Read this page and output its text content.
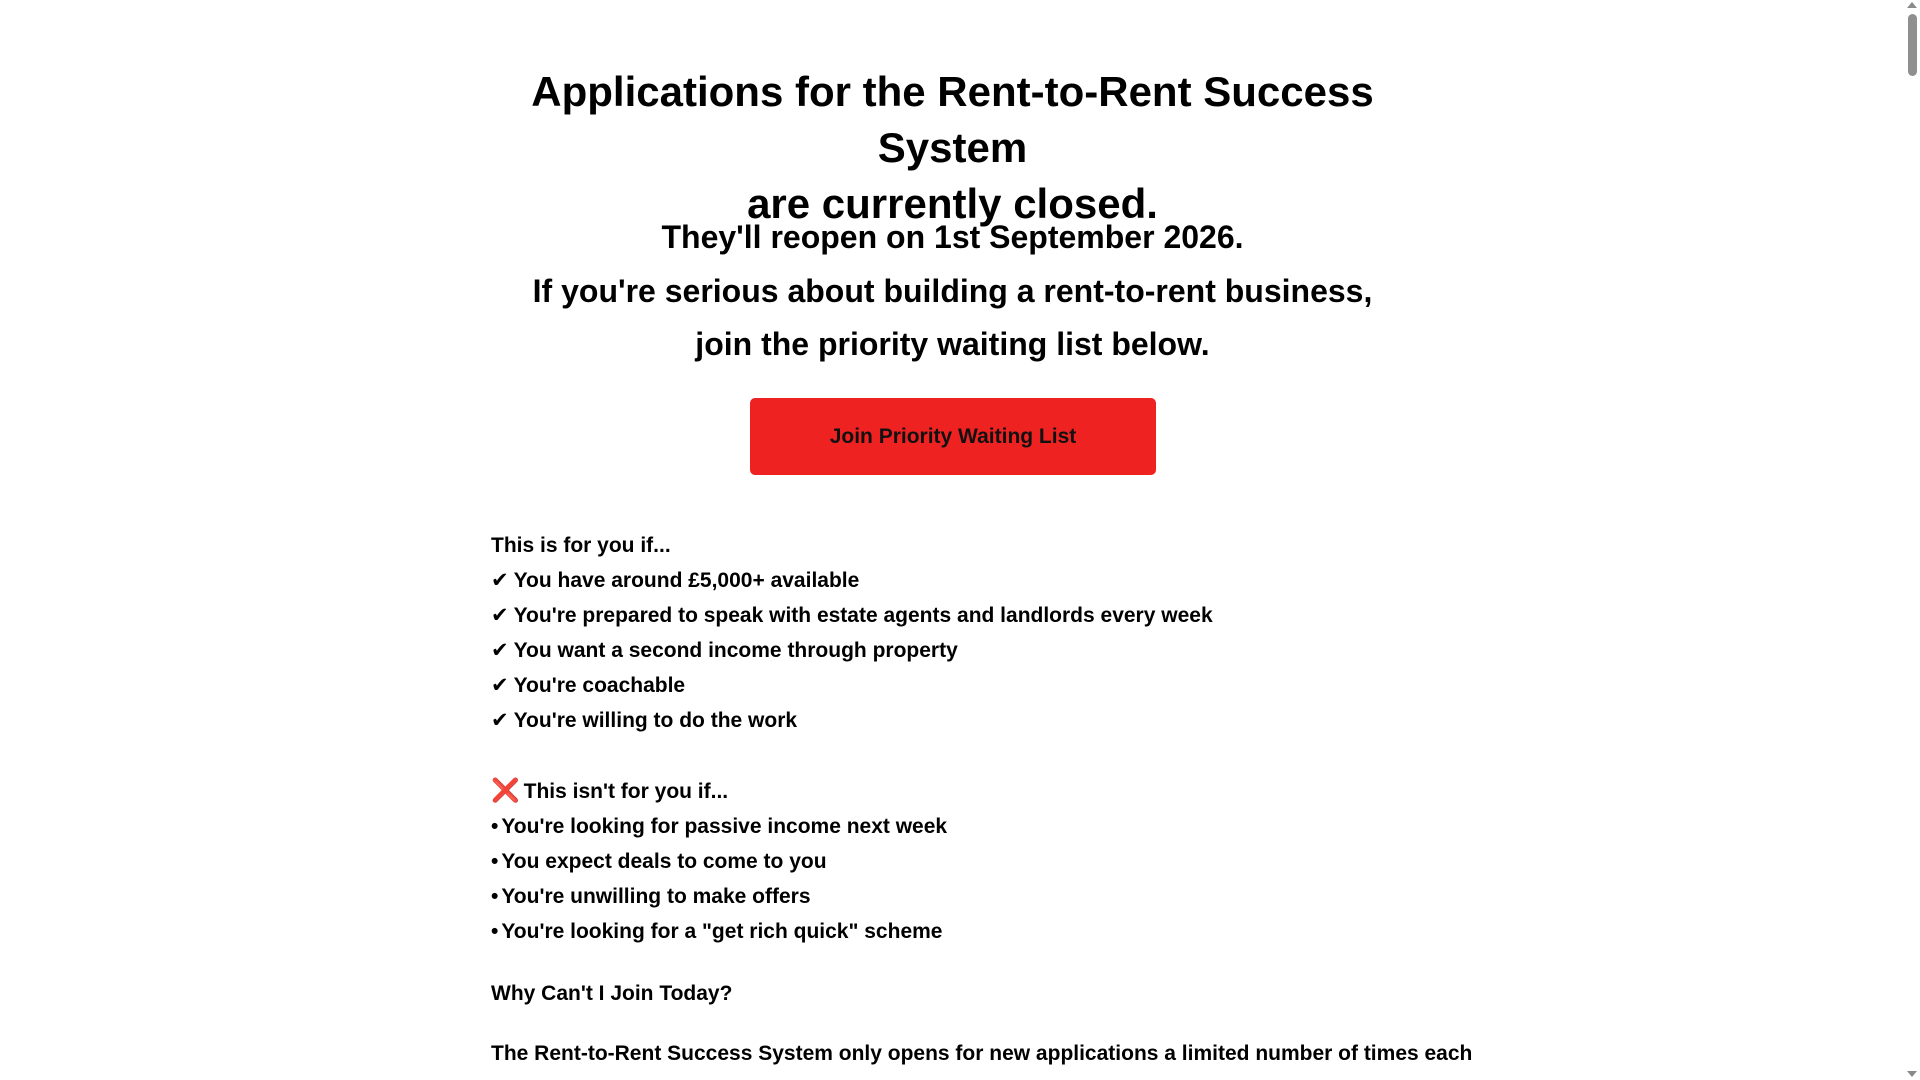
Applications for the Rent-to-Rent Success System
are currently closed.

They'll reopen on 1st September 2026.

If you're serious about building a rent-to-rent business,

join the priority waiting list below.

Join Priority Waiting List
This is for you if...
✔ You have around £5,000+ available
✔ You're prepared to speak with estate agents and landlords every week
✔ You want a second income through property
✔ You're coachable
✔ You're willing to do the work
❌ This isn't for you if...
• You're looking for passive income next week
• You expect deals to come to you
• You're unwilling to make offers
• You're looking for a "get rich quick" scheme

Why Can't I Join Today?

The Rent-to-Rent Success System only opens for new applications a limited number of times each
